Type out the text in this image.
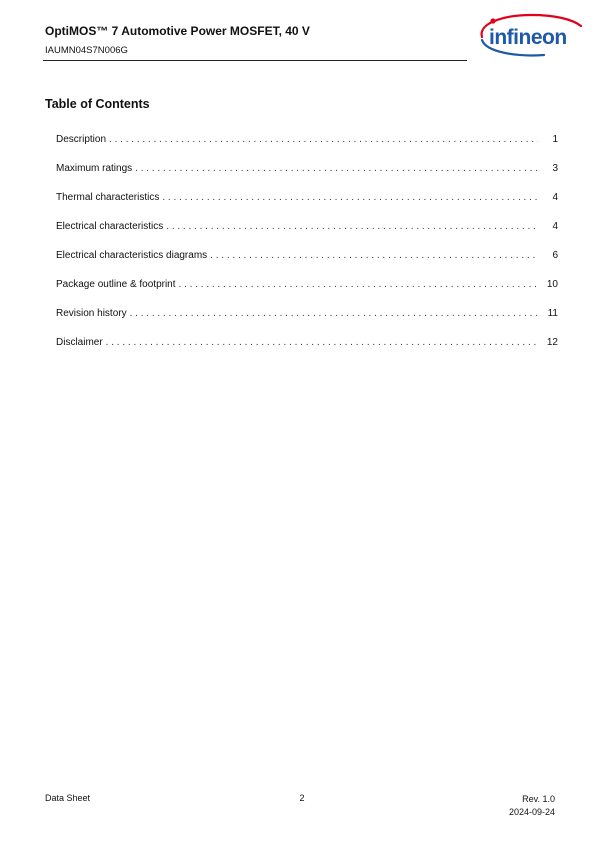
OptiMOS™ 7 Automotive Power MOSFET, 40 V
IAUMN04S7N006G
infineon
Table of Contents
Description . . .	1
Maximum ratings . . .	3
Thermal characteristics . . .	4
Electrical characteristics . . .	4
Electrical characteristics diagrams . . .	6
Package outline & footprint . . .	10
Revision history . . .	11
Disclaimer . . .	12
Data Sheet	2	Rev. 1.0
2024-09-24
